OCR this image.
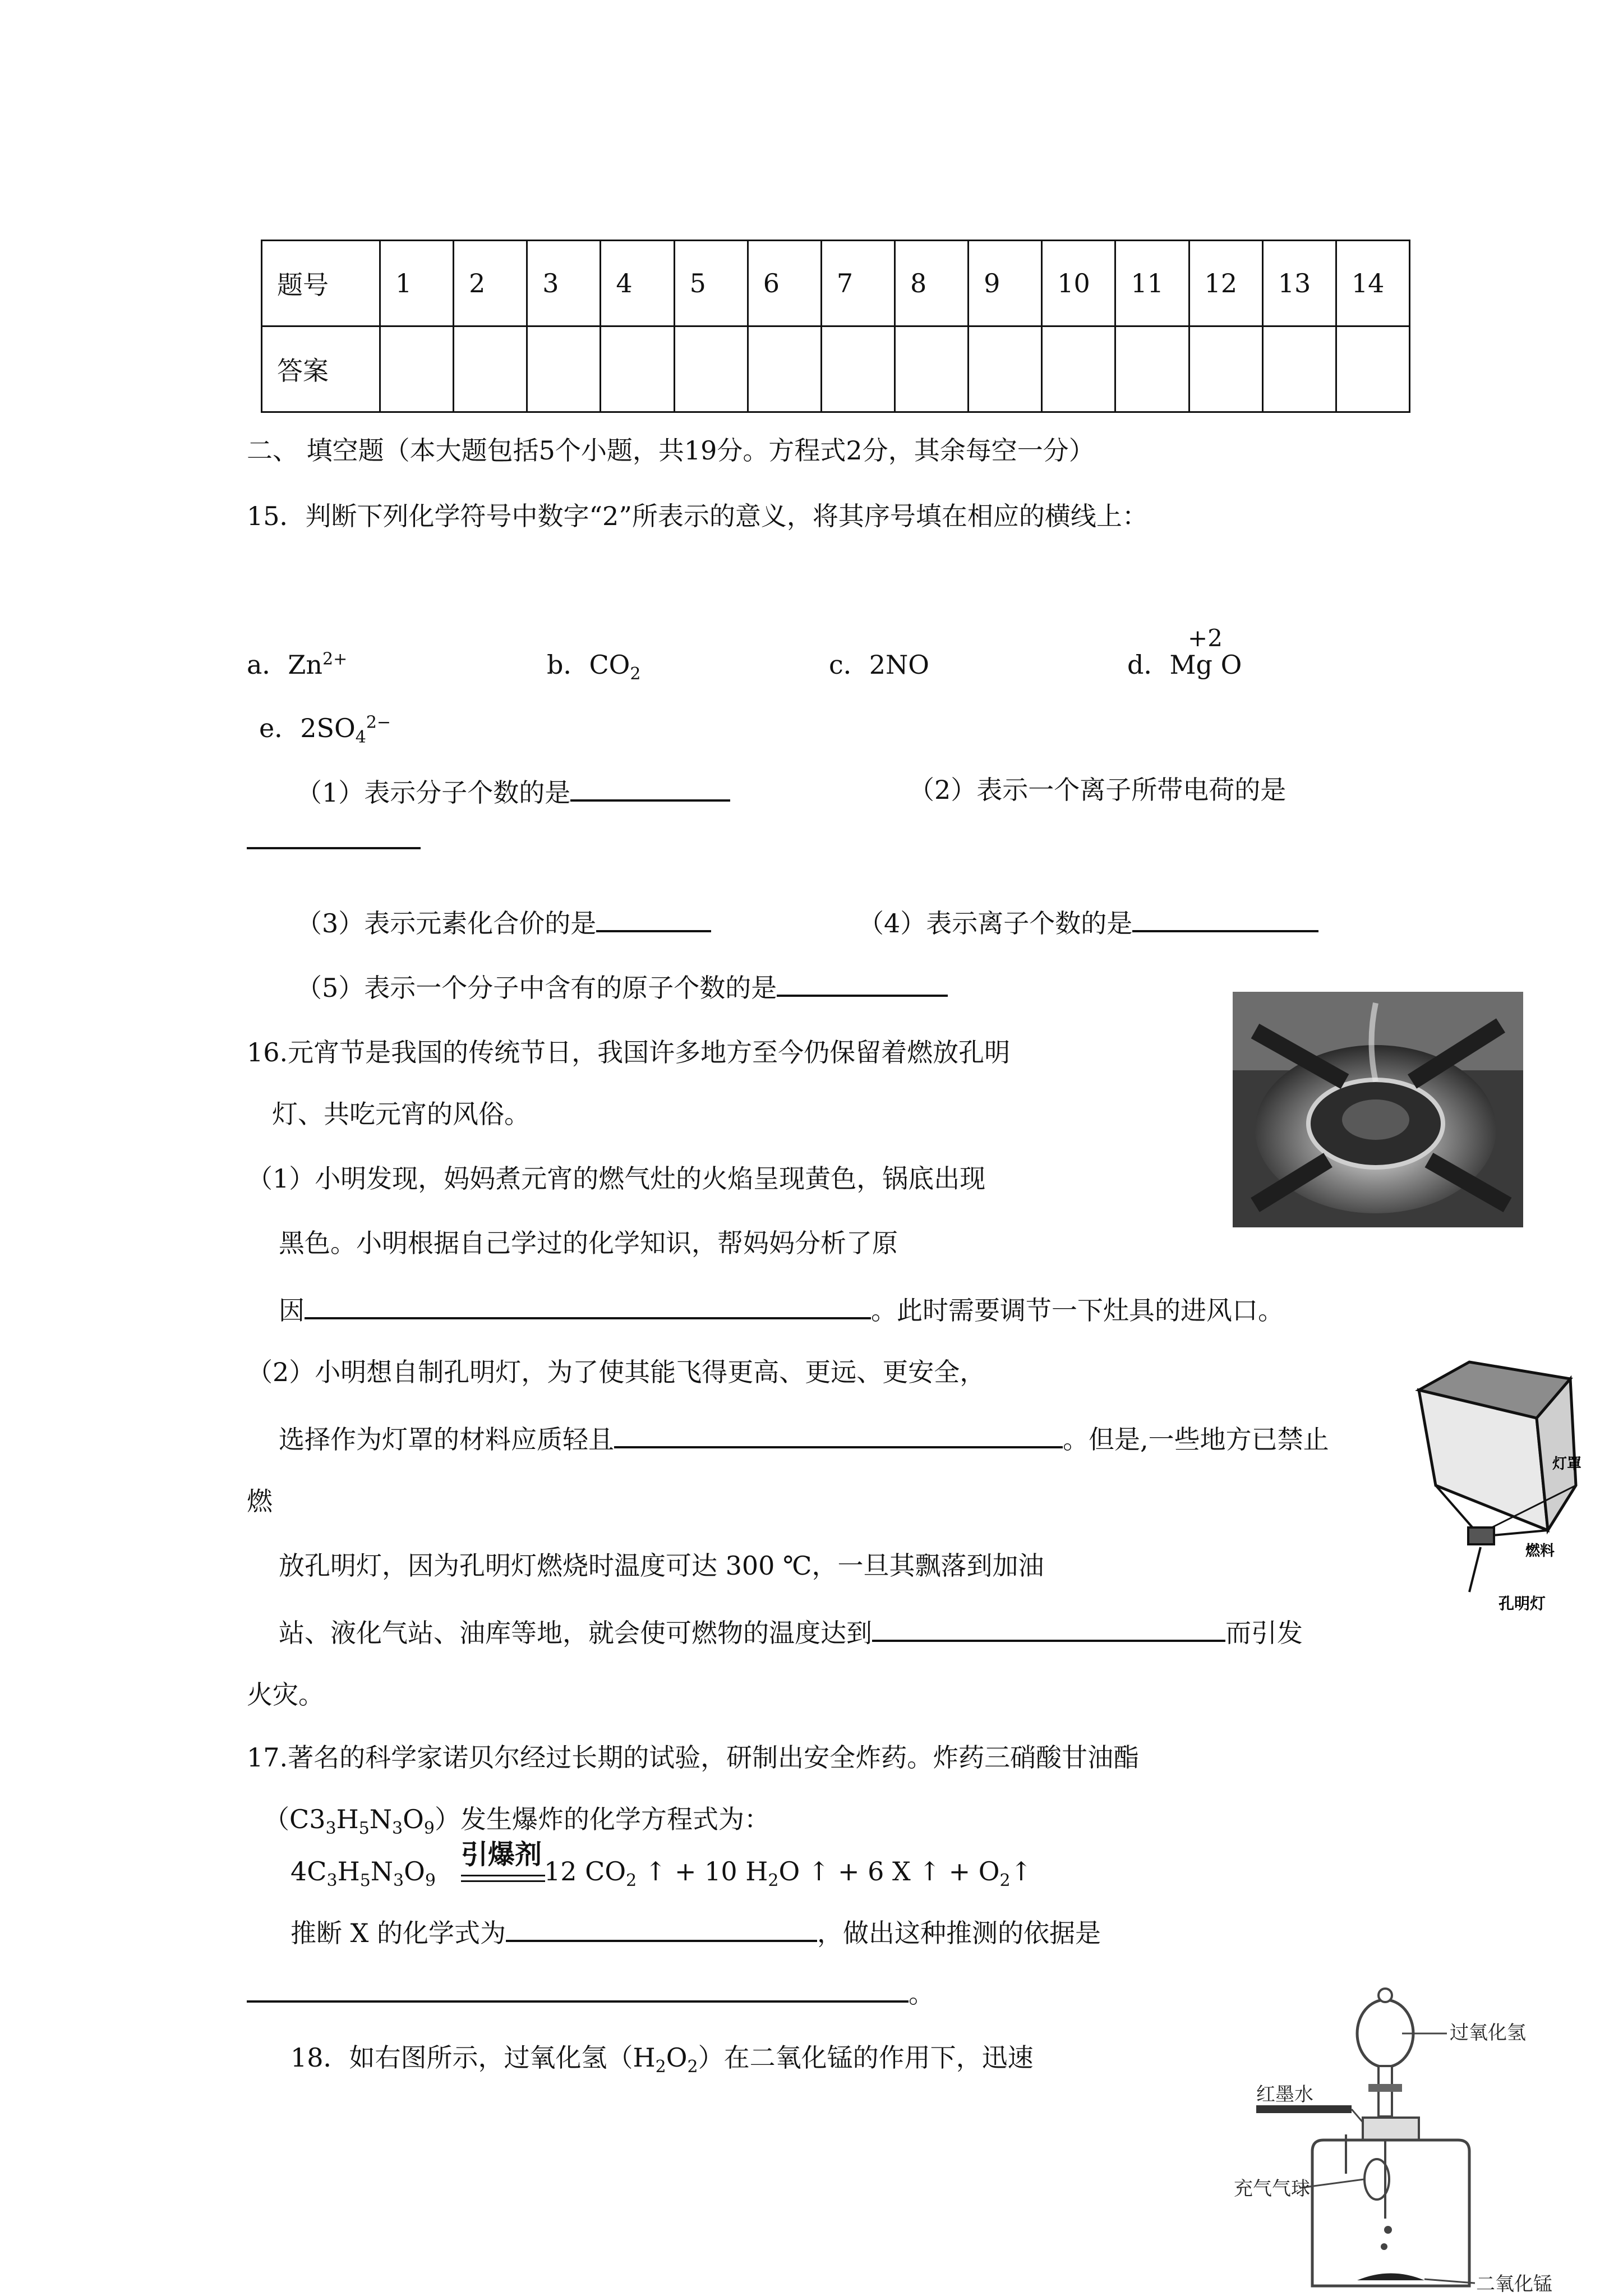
题号	1	2	3	4	5	6	7	8	9	10	11	12	13	14
答案														
二、 填空题（本大题包括5个小题，共19分。方程式2分，其余每空一分）
15．判断下列化学符号中数字“2”所表示的意义，将其序号填在相应的横线上：
a．$Zn^{2+}$	b．$CO_2$	c．2NO
+2
d．Mg O
e．$2SO_4^{2-}$
（1）表示分子个数的是	（2）表示一个离子所带电荷的是
（3）表示元素化合价的是	（4）表示离子个数的是
（5）表示一个分子中含有的原子个数的是
16.元宵节是我国的传统节日，我国许多地方至今仍保留着燃放孔明
灯、共吃元宵的风俗。
（1）小明发现，妈妈煮元宵的燃气灶的火焰呈现黄色，锅底出现
黑色。小明根据自己学过的化学知识，帮妈妈分析了原
因	。此时需要调节一下灶具的进风口。
（2）小明想自制孔明灯，为了使其能飞得更高、更远、更安全，
选择作为灯罩的材料应质轻且	。但是,一些地方已禁止
燃
放孔明灯，因为孔明灯燃烧时温度可达 300 ℃，一旦其飘落到加油
站、液化气站、油库等地，就会使可燃物的温度达到	而引发
火灾。
灯罩
燃料
孔明灯
17.著名的科学家诺贝尔经过长期的试验，研制出安全炸药。炸药三硝酸甘油酯
$(C3_3H_5N_3O_9)$发生爆炸的化学方程式为：
$4C_3H_5N_3O_9$
引爆剂
12 $CO_2$ ↑ + 10 $H_2O$ ↑ + 6 X ↑ + $O_2↑$
推断 X 的化学式为	，做出这种推测的依据是
。
18．如右图所示，过氧化氢$(H_2O_2)$在二氧化锰的作用下，迅速
红墨水
过氧化氢
充气气球
二氧化锰
